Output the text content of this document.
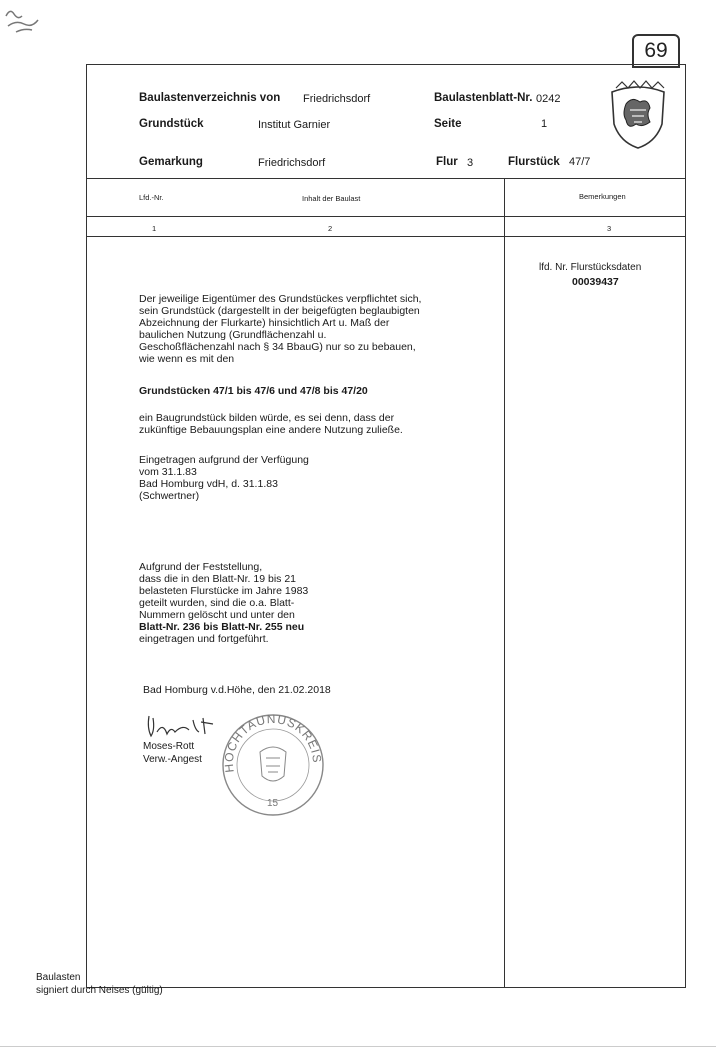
69
Baulastenverzeichnis von Friedrichsdorf	Baulastenblatt-Nr. 0242
Grundstück	Institut Garnier	Seite	1
Gemarkung	Friedrichsdorf	Flur 3	Flurstück 47/7
Lfd.-Nr.	Inhalt der Baulast	Bemerkungen
1	2	3
lfd. Nr. Flurstücksdaten
00039437

Der jeweilige Eigentümer des Grundstückes verpflichtet sich,

sein Grundstück (dargestellt in der beigefügten beglaubigten

Abzeichnung der Flurkarte) hinsichtlich Art u. Maß der

baulichen Nutzung (Grundflächenzahl u.

Geschoßflächenzahl nach § 34 BbauG) nur so zu bebauen,

wie wenn es mit den

Grundstücken 47/1 bis 47/6 und 47/8 bis 47/20

ein Baugrundstück bilden würde, es sei denn, dass der

zukünftige Bebauungsplan eine andere Nutzung zuließe.

Eingetragen aufgrund der Verfügung

vom 31.1.83

Bad Homburg vdH, d. 31.1.83

(Schwertner)

Aufgrund der Feststellung,

dass die in den Blatt-Nr. 19 bis 21

belasteten Flurstücke im Jahre 1983

geteilt wurden, sind die o.a. Blatt-

Nummern gelöscht und unter den

Blatt-Nr. 236 bis Blatt-Nr. 255 neu

eingetragen und fortgeführt.

Bad Homburg v.d.Höhe, den 21.02.2018
Moses-Rott
Verw.-Angest
HOCHTAUNUSKREIS
15
Baulasten
signiert durch Neises (gültig)
